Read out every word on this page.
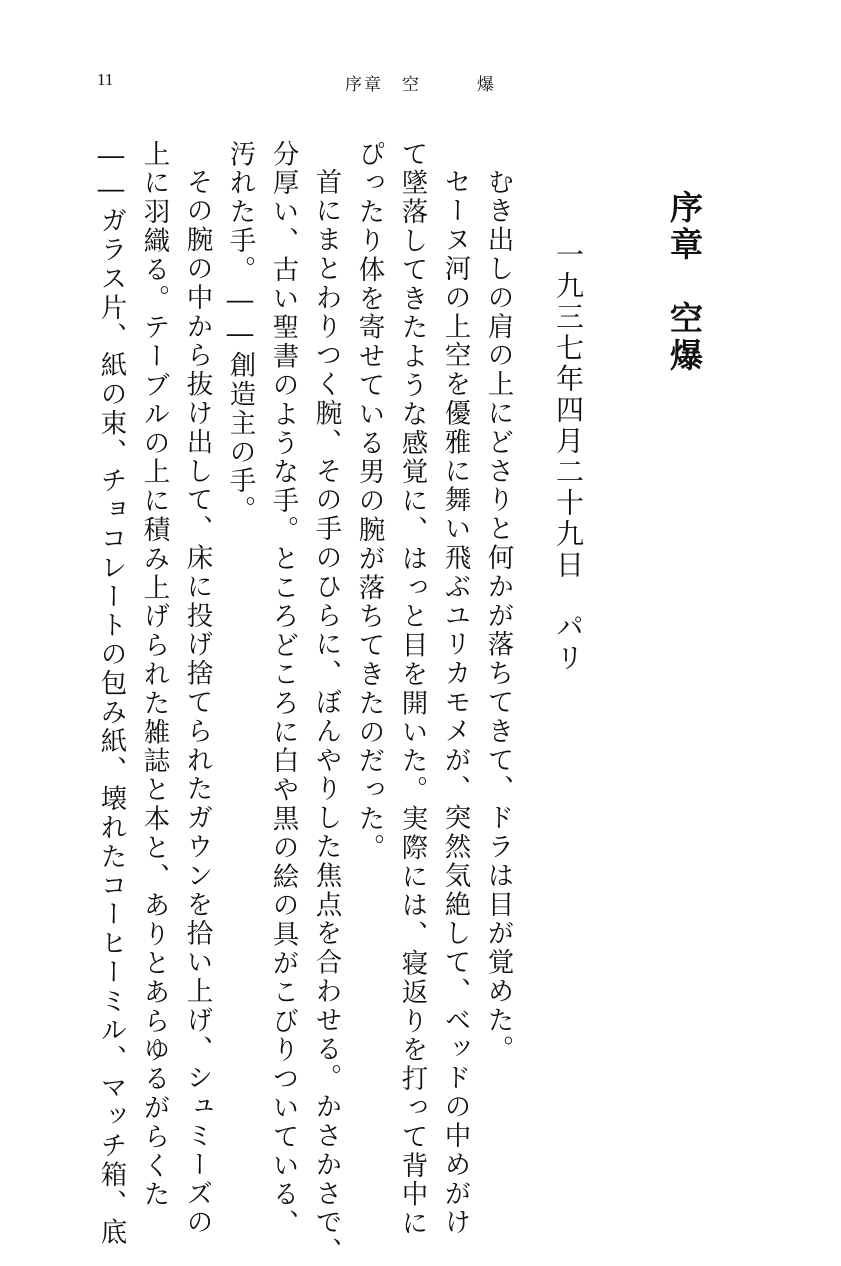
11	序章　空	爆
序章　空爆
一九三七年四月二十九日　パリ
むき出しの肩の上にどさりと何かが落ちてきて、ドラは目が覚めた。
セーヌ河の上空を優雅に舞い飛ぶユリカモメが、突然気絶して、ベッドの中めがけ
て墜落してきたような感覚に、はっと目を開いた。実際には、寝返りを打って背中に
ぴったり体を寄せている男の腕が落ちてきたのだった。
首にまとわりつく腕、その手のひらに、ぼんやりした焦点を合わせる。かさかさで、
分厚い、古い聖書のような手。ところどころに白や黒の絵の具がこびりついている、
汚れた手。――創造主の手。
その腕の中から抜け出して、床に投げ捨てられたガウンを拾い上げ、シュミーズの
上に羽織る。テーブルの上に積み上げられた雑誌と本と、ありとあらゆるがらくた
――ガラス片、紙の束、チョコレートの包み紙、壊れたコーヒーミル、マッチ箱、底
